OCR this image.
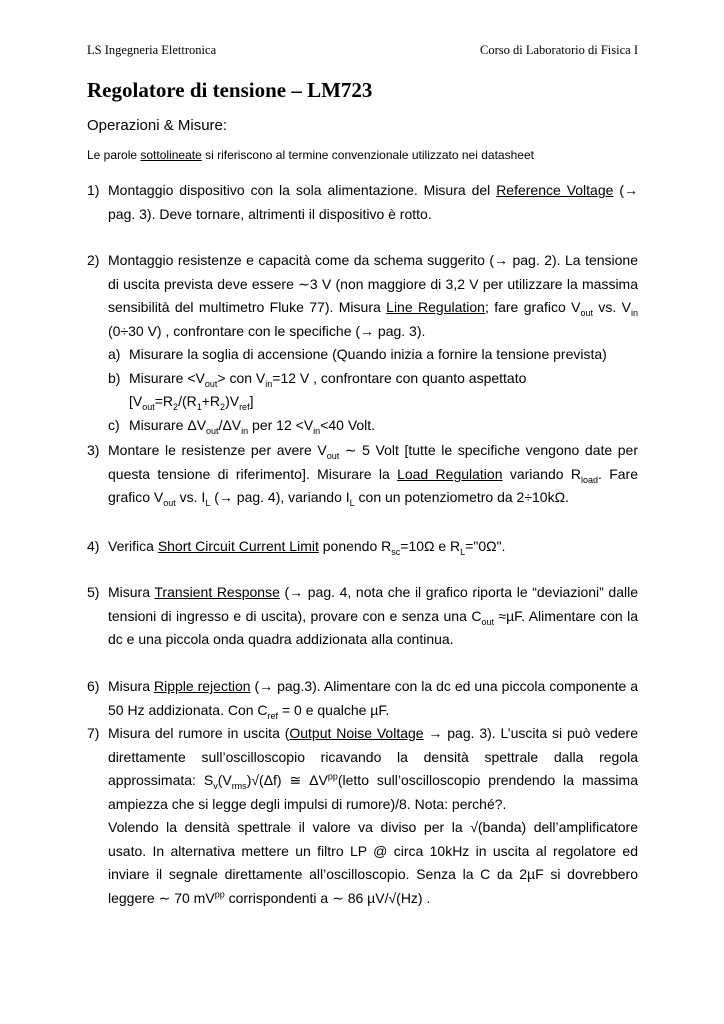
LS Ingegneria Elettronica	Corso di Laboratorio di Fisica I
Regolatore di tensione – LM723
Operazioni & Misure:
Le parole sottolineate si riferiscono al termine convenzionale utilizzato nei datasheet

1) Montaggio dispositivo con la sola alimentazione. Misura del Reference Voltage (→ pag. 3). Deve tornare, altrimenti il dispositivo è rotto.

2) Montaggio resistenze e capacità come da schema suggerito (→ pag. 2). La tensione di uscita prevista deve essere ∼3 V (non maggiore di 3,2 V per utilizzare la massima sensibilità del multimetro Fluke 77). Misura Line Regulation; fare grafico $V_{out}$ vs. $V_{in}$ (0÷30 V) , confrontare con le specifiche (→ pag. 3).

a) Misurare la soglia di accensione (Quando inizia a fornire la tensione prevista)
b) Misurare $<V_{out}>$ con $V_{in}=12$ V , confrontare con quanto aspettato $[V_{out}=R_2/(R_1+R_2)V_{ref}]$
c) Misurare $\Delta V_{out}/\Delta V_{in}$ per $12 <V_{in}<40$ Volt.

3) Montare le resistenze per avere $V_{out}$ ∼ 5 Volt [tutte le specifiche vengono date per questa tensione di riferimento]. Misurare la Load Regulation variando $R_{load}$. Fare grafico $V_{out}$ vs. $I_L$ (→ pag. 4), variando $I_L$ con un potenziometro da 2÷10kΩ.

4) Verifica Short Circuit Current Limit ponendo $R_{sc}=10\Omega$ e $R_L="0\Omega$".

5) Misura Transient Response (→ pag. 4, nota che il grafico riporta le “deviazioni” dalle tensioni di ingresso e di uscita), provare con e senza una $C_{out} \approx\mu F$. Alimentare con la dc e una piccola onda quadra addizionata alla continua.

6) Misura Ripple rejection (→ pag.3). Alimentare con la dc ed una piccola componente a 50 Hz addizionata. Con $C_{ref} = 0$ e qualche µF.

7) Misura del rumore in uscita (Output Noise Voltage → pag. 3). L’uscita si può vedere direttamente sull’oscilloscopio ricavando la densità spettrale dalla regola approssimata: $S_v(V_{rms})√(\Delta f)$ ≅ $\Delta V^{pp}(letto$ sull’oscilloscopio prendendo la massima ampiezza che si legge degli impulsi di rumore)/8. Nota: perché?.

Volendo la densità spettrale il valore va diviso per la √(banda) dell’amplificatore usato. In alternativa mettere un filtro LP @ circa 10kHz in uscita al regolatore ed inviare il segnale direttamente all’oscilloscopio. Senza la C da 2µF si dovrebbero leggere ∼ 70 $mV^{pp}$ corrispondenti a ∼ 86 µV/√(Hz) .
